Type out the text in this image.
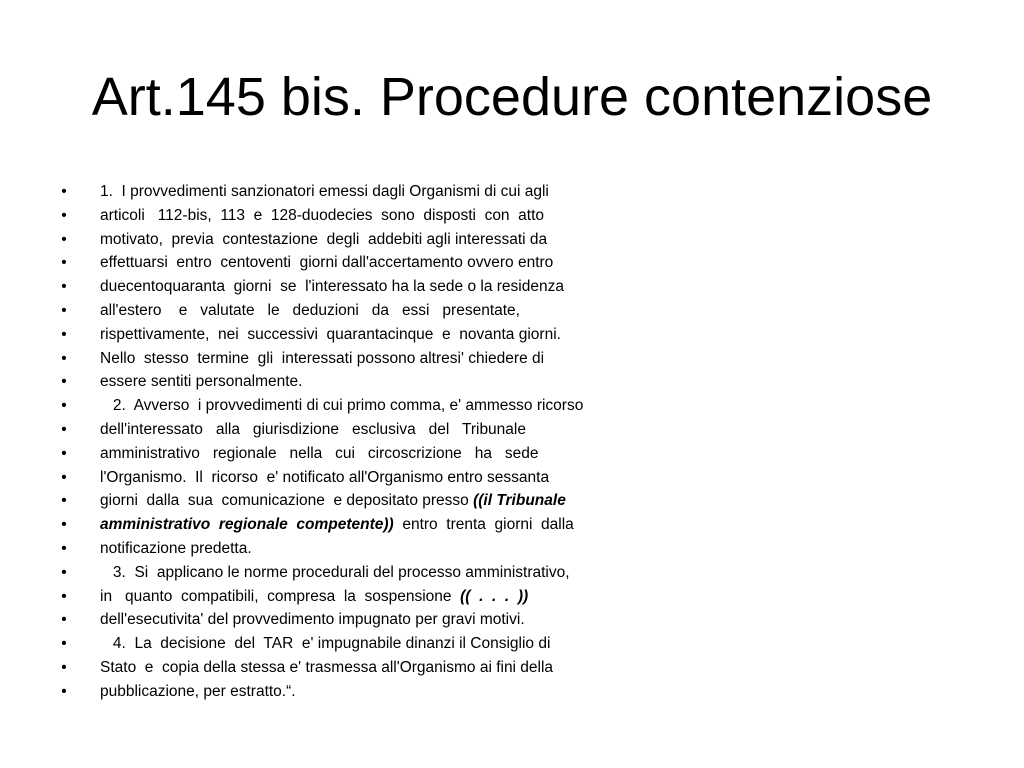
Art.145 bis. Procedure contenziose
• 1.  I provvedimenti sanzionatori emessi dagli Organismi di cui agli
• articoli   112-bis,  113  e  128-duodecies  sono  disposti  con  atto
• motivato,  previa  contestazione  degli  addebiti agli interessati da
• effettuarsi  entro  centoventi  giorni dall'accertamento ovvero entro
• duecentoquaranta  giorni  se  l'interessato ha la sede o la residenza
• all'estero    e   valutate   le   deduzioni   da   essi   presentate,
• rispettivamente,  nei  successivi  quarantacinque  e  novanta giorni.
• Nello  stesso  termine  gli  interessati possono altresi' chiedere di
• essere sentiti personalmente.
• 2.  Avverso  i provvedimenti di cui primo comma, e' ammesso ricorso
• dell'interessato   alla   giurisdizione   esclusiva   del   Tribunale
• amministrativo   regionale   nella   cui   circoscrizione   ha   sede
• l'Organismo.  Il  ricorso  e' notificato all'Organismo entro sessanta
• giorni  dalla  sua  comunicazione  e depositato presso ((il Tribunale
• amministrativo  regionale  competente))  entro  trenta  giorni  dalla
• notificazione predetta.
• 3.  Si  applicano le norme procedurali del processo amministrativo,
• in   quanto  compatibili,  compresa  la  sospensione  ((  .  .  .  ))
• dell'esecutivita' del provvedimento impugnato per gravi motivi.
• 4.  La  decisione  del  TAR  e' impugnabile dinanzi il Consiglio di
• Stato  e  copia della stessa e' trasmessa all'Organismo ai fini della
• pubblicazione, per estratto.“.
